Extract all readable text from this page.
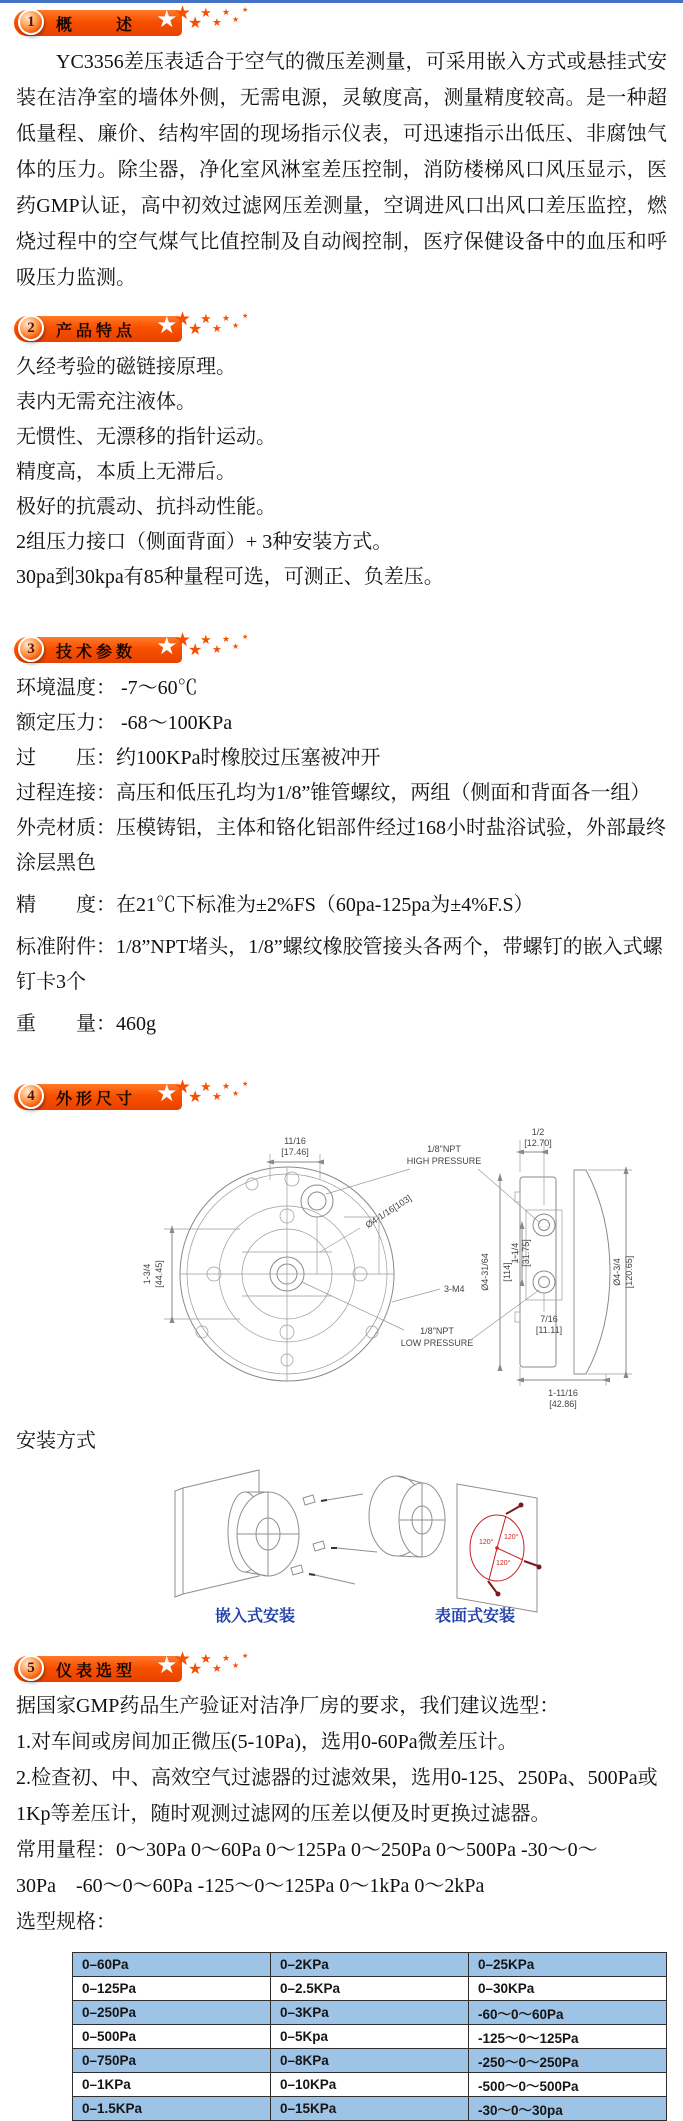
1	概　　述 ★
★
★
★
★
★
★
★

YC3356差压表适合于空气的微压差测量，可采用嵌入方式或悬挂式安装在洁净室的墙体外侧，无需电源，灵敏度高，测量精度较高。是一种超低量程、廉价、结构牢固的现场指示仪表，可迅速指示出低压、非腐蚀气体的压力。除尘器，净化室风淋室差压控制，消防楼梯风口风压显示，医药GMP认证，高中初效过滤网压差测量，空调进风口出风口差压监控，燃烧过程中的空气煤气比值控制及自动阀控制，医疗保健设备中的血压和呼吸压力监测。

2	产品特点 ★
★
★
★
★
★
★
★
久经考验的磁链接原理。
表内无需充注液体。
无惯性、无漂移的指针运动。
精度高，本质上无滞后。
极好的抗震动、抗抖动性能。
2组压力接口（侧面背面）+ 3种安装方式。
30pa到30kpa有85种量程可选，可测正、负差压。
3	技术参数 ★
★
★
★
★
★
★
★
环境温度： -7～60℃
额定压力： -68～100KPa
过　　压：约100KPa时橡胶过压塞被冲开
过程连接：高压和低压孔均为1/8”锥管螺纹，两组（侧面和背面各一组）
外壳材质：压模铸铝，主体和铬化铝部件经过168小时盐浴试验，外部最终涂层黑色
精　　度：在21℃下标准为±2%FS（60pa-125pa为±4%F.S）
标准附件：1/8”NPT堵头，1/8”螺纹橡胶管接头各两个，带螺钉的嵌入式螺钉卡3个
重　　量：460g
4	外形尺寸 ★
★
★
★
★
★
★
★
11/16
[17.46]
1-3/4 [44.45]
Ø4-1/16[103]
3-M4
1/8"NPT
HIGH PRESSURE
1/8"NPT
LOW PRESSURE
1/2
[12.70]
Ø4-31/64 [114]
1-1/4 [31.75]
7/16
[11.11]
1-11/16
[42.86]
Ø4-3/4 [120.65]
安装方式
嵌入式安装
120°
120°
120°
表面式安装
5	仪表选型 ★
★
★
★
★
★
★
★
据国家GMP药品生产验证对洁净厂房的要求，我们建议选型：
1.对车间或房间加正微压(5-10Pa)，选用0-60Pa微差压计。
2.检查初、中、高效空气过滤器的过滤效果，选用0-125、250Pa、500Pa或1Kp等差压计，随时观测过滤网的压差以便及时更换过滤器。
常用量程：0～30Pa 0～60Pa 0～125Pa 0～250Pa 0～500Pa -30～0～30Pa　-60～0～60Pa -125～0～125Pa 0～1kPa 0～2kPa
选型规格：
0–60Pa	0–2KPa	0–25KPa
0–125Pa	0–2.5KPa	0–30KPa
0–250Pa	0–3KPa	-60～0～60Pa
0–500Pa	0–5Kpa	-125～0～125Pa
0–750Pa	0–8KPa	-250～0～250Pa
0–1KPa	0–10KPa	-500～0～500Pa
0–1.5KPa	0–15KPa	-30～0～30pa
